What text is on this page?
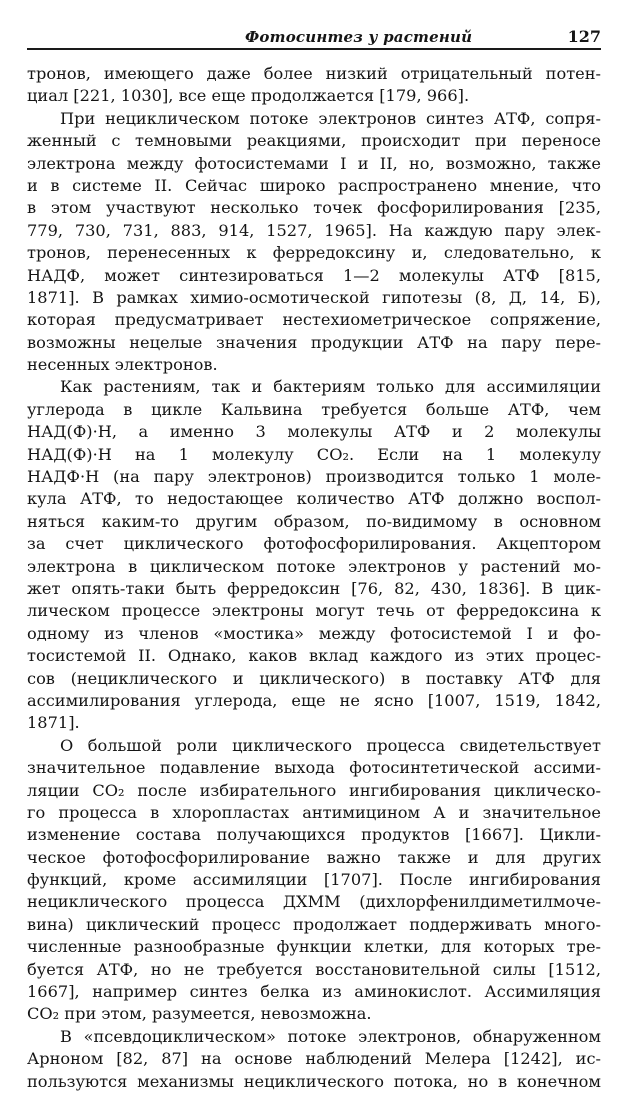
Фотосинтез у растений	127
тронов, имеющего даже более низкий отрицательный потен-
циал [221, 1030], все еще продолжается [179, 966].
При нециклическом потоке электронов синтез АТФ, сопря-
женный с темновыми реакциями, происходит при переносе
электрона между фотосистемами I и II, но, возможно, также
и в системе II. Сейчас широко распространено мнение, что
в этом участвуют несколько точек фосфорилирования [235,
779, 730, 731, 883, 914, 1527, 1965]. На каждую пару элек-
тронов, перенесенных к ферредоксину и, следовательно, к
НАДФ, может синтезироваться 1—2 молекулы АТФ [815,
1871]. В рамках химио-осмотической гипотезы (8, Д, 14, Б),
которая предусматривает нестехиометрическое сопряжение,
возможны нецелые значения продукции АТФ на пару пере-
несенных электронов.
Как растениям, так и бактериям только для ассимиляции
углерода в цикле Кальвина требуется больше АТФ, чем
НАД(Ф)·Н, а именно 3 молекулы АТФ и 2 молекулы
НАД(Ф)·Н на 1 молекулу СО₂. Если на 1 молекулу
НАДФ·Н (на пару электронов) производится только 1 моле-
кула АТФ, то недостающее количество АТФ должно воспол-
няться каким-то другим образом, по-видимому в основном
за счет циклического фотофосфорилирования. Акцептором
электрона в циклическом потоке электронов у растений мо-
жет опять-таки быть ферредоксин [76, 82, 430, 1836]. В цик-
лическом процессе электроны могут течь от ферредоксина к
одному из членов «мостика» между фотосистемой I и фо-
тосистемой II. Однако, каков вклад каждого из этих процес-
сов (нециклического и циклического) в поставку АТФ для
ассимилирования углерода, еще не ясно [1007, 1519, 1842,
1871].
О большой роли циклического процесса свидетельствует
значительное подавление выхода фотосинтетической ассими-
ляции СО₂ после избирательного ингибирования циклическо-
го процесса в хлоропластах антимицином А и значительное
изменение состава получающихся продуктов [1667]. Цикли-
ческое фотофосфорилирование важно также и для других
функций, кроме ассимиляции [1707]. После ингибирования
нециклического процесса ДХММ (дихлорфенилдиметилмоче-
вина) циклический процесс продолжает поддерживать много-
численные разнообразные функции клетки, для которых тре-
буется АТФ, но не требуется восстановительной силы [1512,
1667], например синтез белка из аминокислот. Ассимиляция
СО₂ при этом, разумеется, невозможна.
В «псевдоциклическом» потоке электронов, обнаруженном
Арноном [82, 87] на основе наблюдений Мелера [1242], ис-
пользуются механизмы нециклического потока, но в конечном
